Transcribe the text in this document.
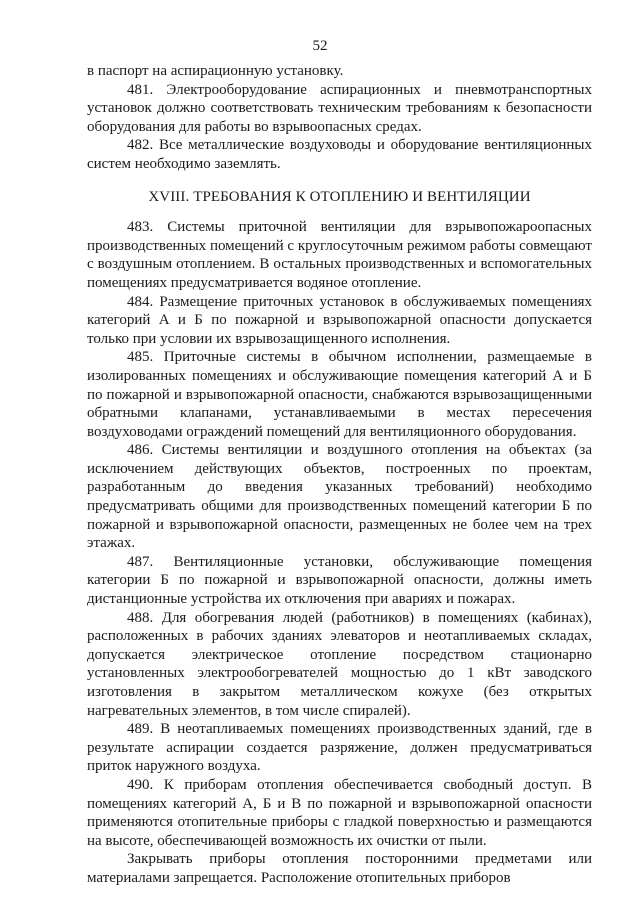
52

в паспорт на аспирационную установку.

481. Электрооборудование аспирационных и пневмотранспортных установок должно соответствовать техническим требованиям к безопасности оборудования для работы во взрывоопасных средах.

482. Все металлические воздуховоды и оборудование вентиляционных систем необходимо заземлять.

XVIII. ТРЕБОВАНИЯ К ОТОПЛЕНИЮ И ВЕНТИЛЯЦИИ

483. Системы приточной вентиляции для взрывопожароопасных производственных помещений с круглосуточным режимом работы совмещают с воздушным отоплением. В остальных производственных и вспомогательных помещениях предусматривается водяное отопление.

484. Размещение приточных установок в обслуживаемых помещениях категорий А и Б по пожарной и взрывопожарной опасности допускается только при условии их взрывозащищенного исполнения.

485. Приточные системы в обычном исполнении, размещаемые в изолированных помещениях и обслуживающие помещения категорий А и Б по пожарной и взрывопожарной опасности, снабжаются взрывозащищенными обратными клапанами, устанавливаемыми в местах пересечения воздуховодами ограждений помещений для вентиляционного оборудования.

486. Системы вентиляции и воздушного отопления на объектах (за исключением действующих объектов, построенных по проектам, разработанным до введения указанных требований) необходимо предусматривать общими для производственных помещений категории Б по пожарной и взрывопожарной опасности, размещенных не более чем на трех этажах.

487. Вентиляционные установки, обслуживающие помещения категории Б по пожарной и взрывопожарной опасности, должны иметь дистанционные устройства их отключения при авариях и пожарах.

488. Для обогревания людей (работников) в помещениях (кабинах), расположенных в рабочих зданиях элеваторов и неотапливаемых складах, допускается электрическое отопление посредством стационарно установленных электрообогревателей мощностью до 1 кВт заводского изготовления в закрытом металлическом кожухе (без открытых нагревательных элементов, в том числе спиралей).

489. В неотапливаемых помещениях производственных зданий, где в результате аспирации создается разряжение, должен предусматриваться приток наружного воздуха.

490. К приборам отопления обеспечивается свободный доступ. В помещениях категорий А, Б и В по пожарной и взрывопожарной опасности применяются отопительные приборы с гладкой поверхностью и размещаются на высоте, обеспечивающей возможность их очистки от пыли.

Закрывать приборы отопления посторонними предметами или материалами запрещается. Расположение отопительных приборов
